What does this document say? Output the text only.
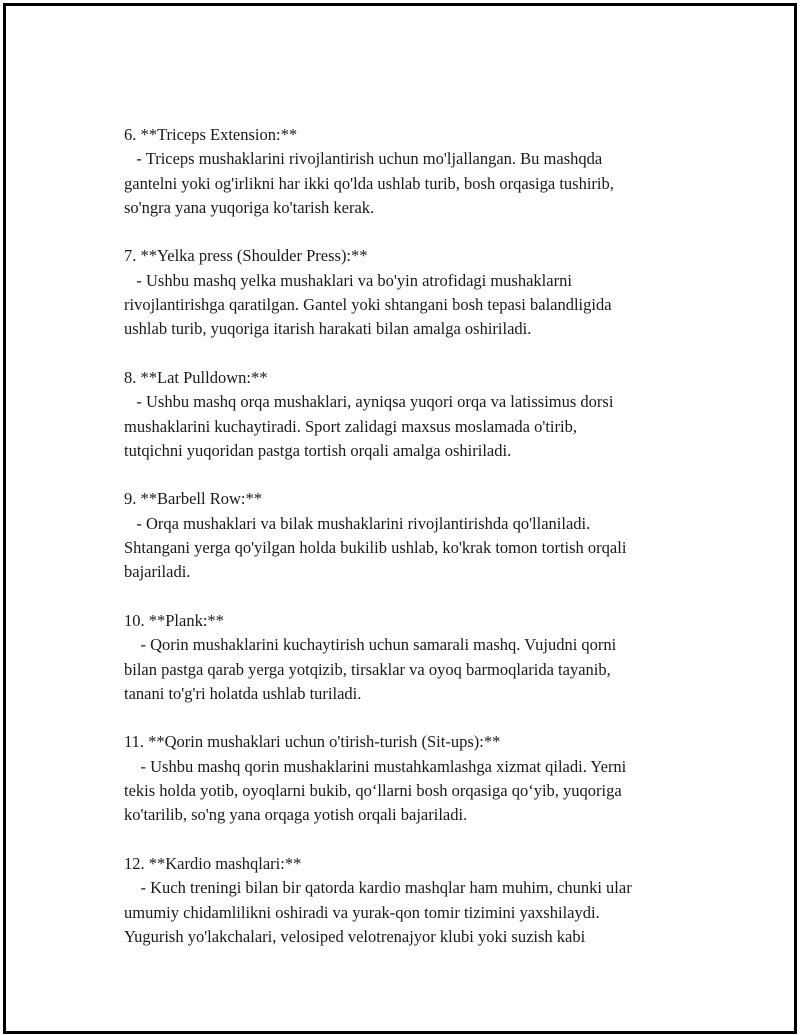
6. **Triceps Extension:**
- Triceps mushaklarini rivojlantirish uchun mo'ljallangan. Bu mashqda
gantelni yoki og'irlikni har ikki qo'lda ushlab turib, bosh orqasiga tushirib,
so'ngra yana yuqoriga ko'tarish kerak.
7. **Yelka press (Shoulder Press):**
- Ushbu mashq yelka mushaklari va bo'yin atrofidagi mushaklarni
rivojlantirishga qaratilgan. Gantel yoki shtangani bosh tepasi balandligida
ushlab turib, yuqoriga itarish harakati bilan amalga oshiriladi.
8. **Lat Pulldown:**
- Ushbu mashq orqa mushaklari, ayniqsa yuqori orqa va latissimus dorsi
mushaklarini kuchaytiradi. Sport zalidagi maxsus moslamada o'tirib,
tutqichni yuqoridan pastga tortish orqali amalga oshiriladi.
9. **Barbell Row:**
- Orqa mushaklari va bilak mushaklarini rivojlantirishda qo'llaniladi.
Shtangani yerga qo'yilgan holda bukilib ushlab, ko'krak tomon tortish orqali
bajariladi.
10. **Plank:**
- Qorin mushaklarini kuchaytirish uchun samarali mashq. Vujudni qorni
bilan pastga qarab yerga yotqizib, tirsaklar va oyoq barmoqlarida tayanib,
tanani to'g'ri holatda ushlab turiladi.
11. **Qorin mushaklari uchun o'tirish-turish (Sit-ups):**
- Ushbu mashq qorin mushaklarini mustahkamlashga xizmat qiladi. Yerni
tekis holda yotib, oyoqlarni bukib, qo‘llarni bosh orqasiga qo‘yib, yuqoriga
ko'tarilib, so'ng yana orqaga yotish orqali bajariladi.
12. **Kardio mashqlari:**
- Kuch treningi bilan bir qatorda kardio mashqlar ham muhim, chunki ular
umumiy chidamlilikni oshiradi va yurak-qon tomir tizimini yaxshilaydi.
Yugurish yo'lakchalari, velosiped velotrenajyor klubi yoki suzish kabi
